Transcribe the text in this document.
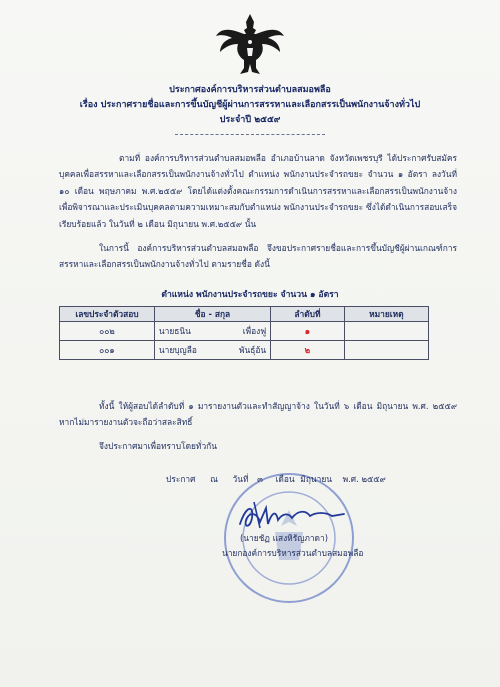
ประกาศองค์การบริหารส่วนตำบลสมอพลือ
เรื่อง ประกาศรายชื่อและการขึ้นบัญชีผู้ผ่านการสรรหาและเลือกสรรเป็นพนักงานจ้างทั่วไป
ประจำปี ๒๕๕๙
ตามที่ องค์การบริหารส่วนตำบลสมอพลือ อำเภอบ้านลาด จังหวัดเพชรบุรี ได้ประกาศรับสมัครบุคคลเพื่อสรรหาและเลือกสรรเป็นพนักงานจ้างทั่วไป ตำแหน่ง พนักงานประจำรถขยะ จำนวน ๑ อัตรา ลงวันที่ ๑๐ เดือน พฤษภาคม พ.ศ.๒๕๕๙ โดยได้แต่งตั้งคณะกรรมการดำเนินการสรรหาและเลือกสรรเป็นพนักงานจ้าง เพื่อพิจารณาและประเมินบุคคลตามความเหมาะสมกับตำแหน่ง พนักงานประจำรถขยะ ซึ่งได้ดำเนินการสอบเสร็จเรียบร้อยแล้ว ในวันที่ ๒ เดือน มิถุนายน พ.ศ.๒๕๕๙ นั้น
ในการนี้ องค์การบริหารส่วนตำบลสมอพลือ จึงขอประกาศรายชื่อและการขึ้นบัญชีผู้ผ่านเกณฑ์การสรรหาและเลือกสรรเป็นพนักงานจ้างทั่วไป ตามรายชื่อ ดังนี้
ตำแหน่ง พนักงานประจำรถขยะ จำนวน ๑ อัตรา
เลขประจำตัวสอบ	ชื่อ - สกุล	ลำดับที่	หมายเหตุ
๐๐๒	นายธนิน เพื่องฟู	๑	
๐๐๑	นายบุญลือ พันธุ์อ้น	๒	
ทั้งนี้ ให้ผู้สอบได้ลำดับที่ ๑ มารายงานตัวและทำสัญญาจ้าง ในวันที่ ๖ เดือน มิถุนายน พ.ศ. ๒๕๕๙ หากไม่มารายงานตัวจะถือว่าสละสิทธิ์
จึงประกาศมาเพื่อทราบโดยทั่วกัน
ประกาศ ณ วันที่ ๓ เดือน มิถุนายน พ.ศ. ๒๕๕๙
(นายชัฏ แสงหิรัญภาดา)
นายกองค์การบริหารส่วนตำบลสมอพลือ
